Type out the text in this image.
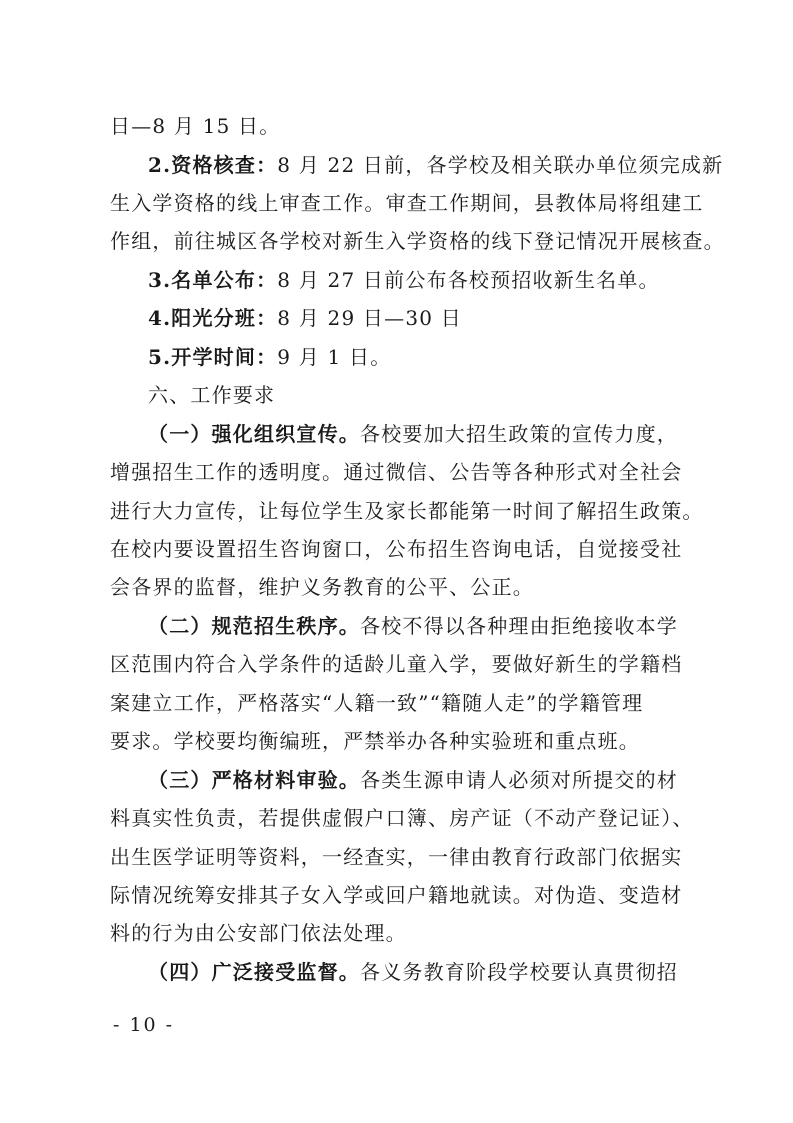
日—8 月 15 日。
2.资格核查：8 月 22 日前，各学校及相关联办单位须完成新
生入学资格的线上审查工作。审查工作期间，县教体局将组建工
作组，前往城区各学校对新生入学资格的线下登记情况开展核查。
3.名单公布：8 月 27 日前公布各校预招收新生名单。
4.阳光分班：8 月 29 日—30 日
5.开学时间：9 月 1 日。
六、工作要求
（一）强化组织宣传。各校要加大招生政策的宣传力度，
增强招生工作的透明度。通过微信、公告等各种形式对全社会
进行大力宣传，让每位学生及家长都能第一时间了解招生政策。
在校内要设置招生咨询窗口，公布招生咨询电话，自觉接受社
会各界的监督，维护义务教育的公平、公正。
（二）规范招生秩序。各校不得以各种理由拒绝接收本学
区范围内符合入学条件的适龄儿童入学，要做好新生的学籍档
案建立工作，严格落实“人籍一致”“籍随人走”的学籍管理
要求。学校要均衡编班，严禁举办各种实验班和重点班。
（三）严格材料审验。各类生源申请人必须对所提交的材
料真实性负责，若提供虚假户口簿、房产证（不动产登记证）、
出生医学证明等资料，一经查实，一律由教育行政部门依据实
际情况统筹安排其子女入学或回户籍地就读。对伪造、变造材
料的行为由公安部门依法处理。
（四）广泛接受监督。各义务教育阶段学校要认真贯彻招
- 10 -
